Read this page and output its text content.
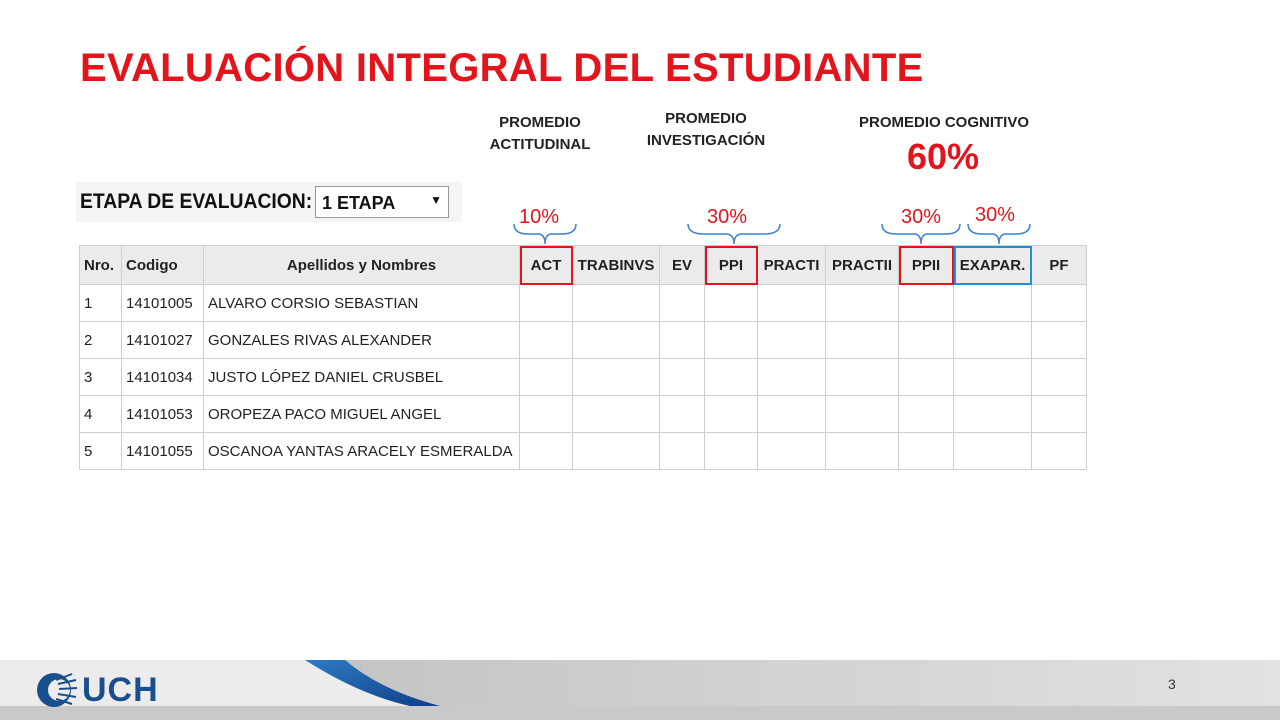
EVALUACIÓN INTEGRAL DEL ESTUDIANTE
PROMEDIO
ACTITUDINAL
PROMEDIO
INVESTIGACIÓN
PROMEDIO COGNITIVO
60%
ETAPA DE EVALUACION: 1 ETAPA	▼
10%	30%	30% 30%
Nro.	Codigo	Apellidos y Nombres	ACT	TRABINVS	EV	PPI	PRACTI	PRACTII	PPII	EXAPAR.	PF
1	14101005	ALVARO CORSIO SEBASTIAN									
2	14101027	GONZALES RIVAS ALEXANDER									
3	14101034	JUSTO LÓPEZ DANIEL CRUSBEL									
4	14101053	OROPEZA PACO MIGUEL ANGEL									
5	14101055	OSCANOA YANTAS ARACELY ESMERALDA									
UCH	3
